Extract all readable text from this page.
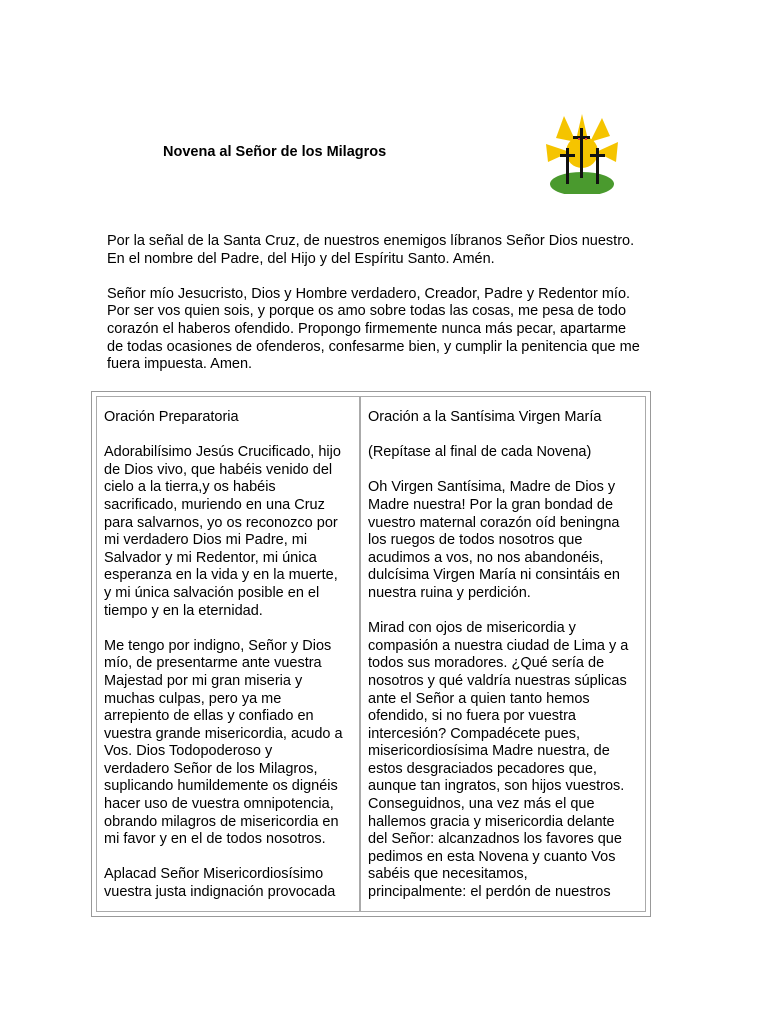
Novena al Señor de los Milagros

Por la señal de la Santa Cruz, de nuestros enemigos líbranos Señor Dios nuestro.
En el nombre del Padre, del Hijo y del Espíritu Santo. Amén.

Señor mío Jesucristo, Dios y Hombre verdadero, Creador, Padre y Redentor mío.
Por ser vos quien sois, y porque os amo sobre todas las cosas, me pesa de todo
corazón el haberos ofendido. Propongo firmemente nunca más pecar, apartarme
de todas ocasiones de ofenderos, confesarme bien, y cumplir la penitencia que me
fuera impuesta. Amen.

Oración Preparatoria

Adorabilísimo Jesús Crucificado, hijo
de Dios vivo, que habéis venido del
cielo a la tierra,y os habéis
sacrificado, muriendo en una Cruz
para salvarnos, yo os reconozco por
mi verdadero Dios mi Padre, mi
Salvador y mi Redentor, mi única
esperanza en la vida y en la muerte,
y mi única salvación posible en el
tiempo y en la eternidad.

Me tengo por indigno, Señor y Dios
mío, de presentarme ante vuestra
Majestad por mi gran miseria y
muchas culpas, pero ya me
arrepiento de ellas y confiado en
vuestra grande misericordia, acudo a
Vos. Dios Todopoderoso y
verdadero Señor de los Milagros,
suplicando humildemente os dignéis
hacer uso de vuestra omnipotencia,
obrando milagros de misericordia en
mi favor y en el de todos nosotros.

Aplacad Señor Misericordiosísimo
vuestra justa indignación provocada

Oración a la Santísima Virgen María

(Repítase al final de cada Novena)

Oh Virgen Santísima, Madre de Dios y
Madre nuestra! Por la gran bondad de
vuestro maternal corazón oíd beningna
los ruegos de todos nosotros que
acudimos a vos, no nos abandonéis,
dulcísima Virgen María ni consintáis en
nuestra ruina y perdición.

Mirad con ojos de misericordia y
compasión a nuestra ciudad de Lima y a
todos sus moradores. ¿Qué sería de
nosotros y qué valdría nuestras súplicas
ante el Señor a quien tanto hemos
ofendido, si no fuera por vuestra
intercesión? Compadécete pues,
misericordiosísima Madre nuestra, de
estos desgraciados pecadores que,
aunque tan ingratos, son hijos vuestros.
Conseguidnos, una vez más el que
hallemos gracia y misericordia delante
del Señor: alcanzadnos los favores que
pedimos en esta Novena y cuanto Vos
sabéis que necesitamos,
principalmente: el perdón de nuestros
